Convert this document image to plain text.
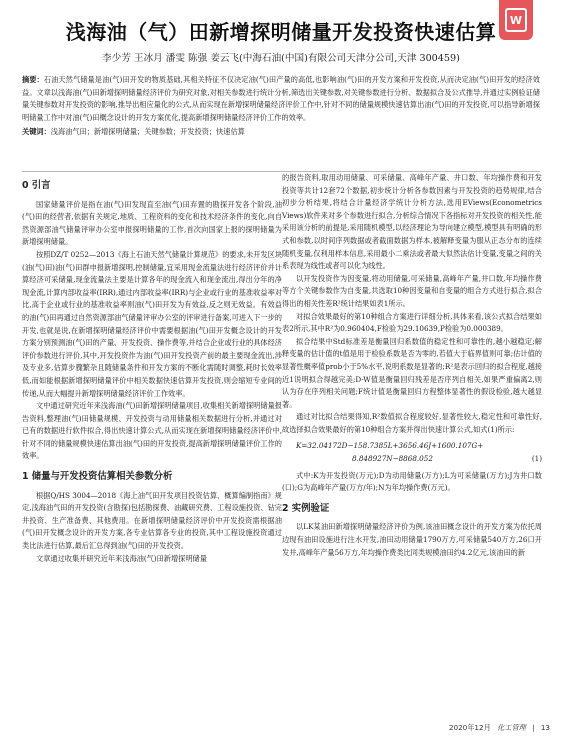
W
浅海油（气）田新增探明储量开发投资快速估算
李少芳 王冰月 潘雯 陈强 姜云飞(中海石油(中国)有限公司天津分公司,天津 300459)
摘要：石油天然气储量是油(气)田开发的物质基础,其相关特征不仅决定油(气)田产量的高低,也影响油(气)田的开发方案和开发投资,从而决定油(气)田开发的经济效益。文章以浅海油(气)田新增探明储量经济评价为研究对象,对相关参数进行统计分析,筛选出关键参数,对关键参数进行分析、数据拟合及公式推导,并通过实例验证储量关键参数对开发投资的影响,推导出相应量化的公式,从而实现在新增探明储量经济评价工作中,针对不同的储量规模快速估算出油(气)田的开发投资,可以指导新增探明储量工作中对油(气)田概念设计的开发方案优化,提高新增探明储量经济评价工作的效率。
关键词：浅海油气田；新增探明储量；关键参数；开发投资；快速估算
0 引言

国家储量评价是指在油(气)田发现直至油(气)田弃置的勘探开发各个阶段,油(气)田的经营者,依据有关规定,地质、工程资料的变化和技术经济条件的变化,向自然资源部油气储量评审办公室申报探明储量的工作,首次向国家上报的探明储量为新增探明储量。

按照DZ/T 0252—2013《海上石油天然气储量计算规范》的要求,未开发区块(油(气)田)油(气)田群申报新增探明,控制储量,宜采用现金流量法进行经济评价并计算经济可采储量,现金流量法主要是计算各年的现金流入和现金流出,得出分年的净现金流,计算内部收益率(IRR),通过内部收益率(IRR)与企业或行业的基准收益率对比,高于企业或行业的基准收益率则油(气)田开发为有效益,反之则无效益。有效益的油(气)田再通过自然资源部油气储量评审办公室的评审进行备案,可进入下一步的开发,也就是说,在新增探明储量经济评价中需要根据油(气)田开发概念设计的开发方案分别预测油(气)田的产量、开发投资、操作费等,并结合企业或行业的具体经济评价参数进行评价,其中,开发投资作为油(气)田开发投资产前的最主要现金流出,涉及专业多,估算步骤繁杂且随储量条件和开发方案的不断化需随时调整,耗时长效率低,而如能根据新增探明储量评价中相关数据快速估算开发投资,则会缩短专业间的传递,从而大幅提升新增探明储量经济评价工作效率。

文中通过研究近年来浅海油(气)田新增探明储量项目,收集相关新增探明储量报告资料,整理油(气)田储量规模、开发投资与动用储量相关数据进行分析,并通过对已有的数据进行软件拟合,得出快速计算公式,从而实现在新增探明储量经济评价中,针对不同的储量规模快速估算出油(气)田的开发投资,提高新增探明储量评价工作的效率。

1 储量与开发投资估算相关参数分析

根据Q/HS 3004—2018《海上油气田开发项目投资估算、概算编制指南》规定,浅海油气田的开发投资(含勘探)包括勘探费、油藏研究费、工程设施投资、钻完井投资、生产准备费、其他费用。在新增探明储量经济评价中开发投资需根据油(气)田开发概念设计的开发方案,各专业估算各专业的投资,其中工程设施投资通过类比法进行估算,最后汇总得到油(气)田的开发投资。

文章通过收集并研究近年来浅海油(气)田新增探明储量

的报告资料,取用动用储量、可采储量、高峰年产量、井口数、年均操作费和开发投资等共计12套72个数据,初步统计分析各参数因素与开发投资的趋势规律,结合初步分析结果,将结合计量经济学统计分析方法,选用EViews(Econometrics Views)软件来对多个参数进行拟合,分析综合情况下各指标对开发投资的相关性,能采用该分析的前提是,采用随机模型,以经济理论为导向建立模型,模型具有明确的形式和参数,以时间序列数据或者截面数据为样本,被解释变量为服从正态分布的连续随机变量,仅利用样本信息,采用最小二乘法或者最大似然法估计变量,变量之间的关系表现为线性或者可以化为线性。

以开发投资作为因变量,将动用储量,可采储量,高峰年产量,井口数,年均操作费等方个关键参数作为自变量,共选取10种因变量和自变量的组合方式进行拟合,拟合得出的相关性差R²统计结果如表1所示。

对拟合效果最好的第10种组合方案进行详细分析,具体来看,该公式拟合结果如表2所示,其中R²为0.960404,F检验为29.10639,P检验为0.000389。

拟合结果中Std标准差是衡量回归系数值的稳定性和可靠性的,越小越稳定;解释变量的估计值的t值是用于检验系数是否为零的,若值大于临界值则可靠;估计值的显著性概率值prob小于5%水平,说明系数是显著的;R²是表示回归的拟合程度,越接近1说明拟合得越完美;D-W值是衡量回归残差是否序列自相关,如果严重偏离2,则认为存在序列相关问题;F统计值是衡量回归方程整体显著性的假设检验,越大越显著。

通过对比拟合结果得知,R²数值拟合程度较好,显著性较大,稳定性和可靠性好,故选择拟合效果最好的第10种组合方案并得出快速计算公式,如式(1)所示:

K=32.04172D−158.7385L+3656.46J+1600.107G+
8.848927N−8868.052	(1)

式中:K为开发投资(万元);D为动用储量(万方);L为可采储量(万方);J为井口数(口);G为高峰年产量(万方/年);N为年均操作费(万元)。

2 实例验证

以LK某油田新增探明储量经济评价为例,该油田概念设计的开发方案为依托周边现有油田设施进行注水开发,油田动用储量1790万方,可采储量540万方,26口开发井,高峰年产量56万方,年均操作费类比同类规模油田约4.2亿元,该油田的新

2020年12月 化工管理 | 13
